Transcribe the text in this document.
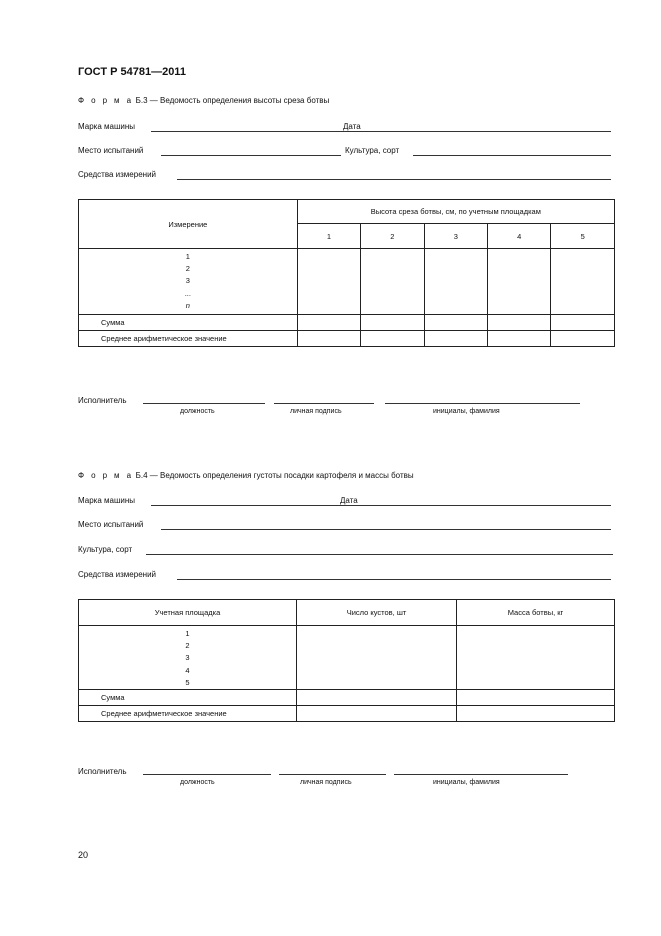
ГОСТ Р 54781—2011
Ф о р м а Б.3 — Ведомость определения высоты среза ботвы
Марка машины	Дата
Место испытаний	Культура, сорт
Средства измерений
Измерение	Высота среза ботвы, см, по учетным площадкам				
	1	2	3	4	5

1
2
3
...
n					

Сумма					
Среднее арифметическое значение					
Исполнитель
должность	личная подпись	инициалы, фамилия
Ф о р м а Б.4 — Ведомость определения густоты посадки картофеля и массы ботвы
Марка машины	Дата
Место испытаний
Культура, сорт
Средства измерений
Учетная площадка	Число кустов, шт	Масса ботвы, кг

1
2
3
4
5		

Сумма		
Среднее арифметическое значение		
Исполнитель
должность	личная подпись	инициалы, фамилия
20
